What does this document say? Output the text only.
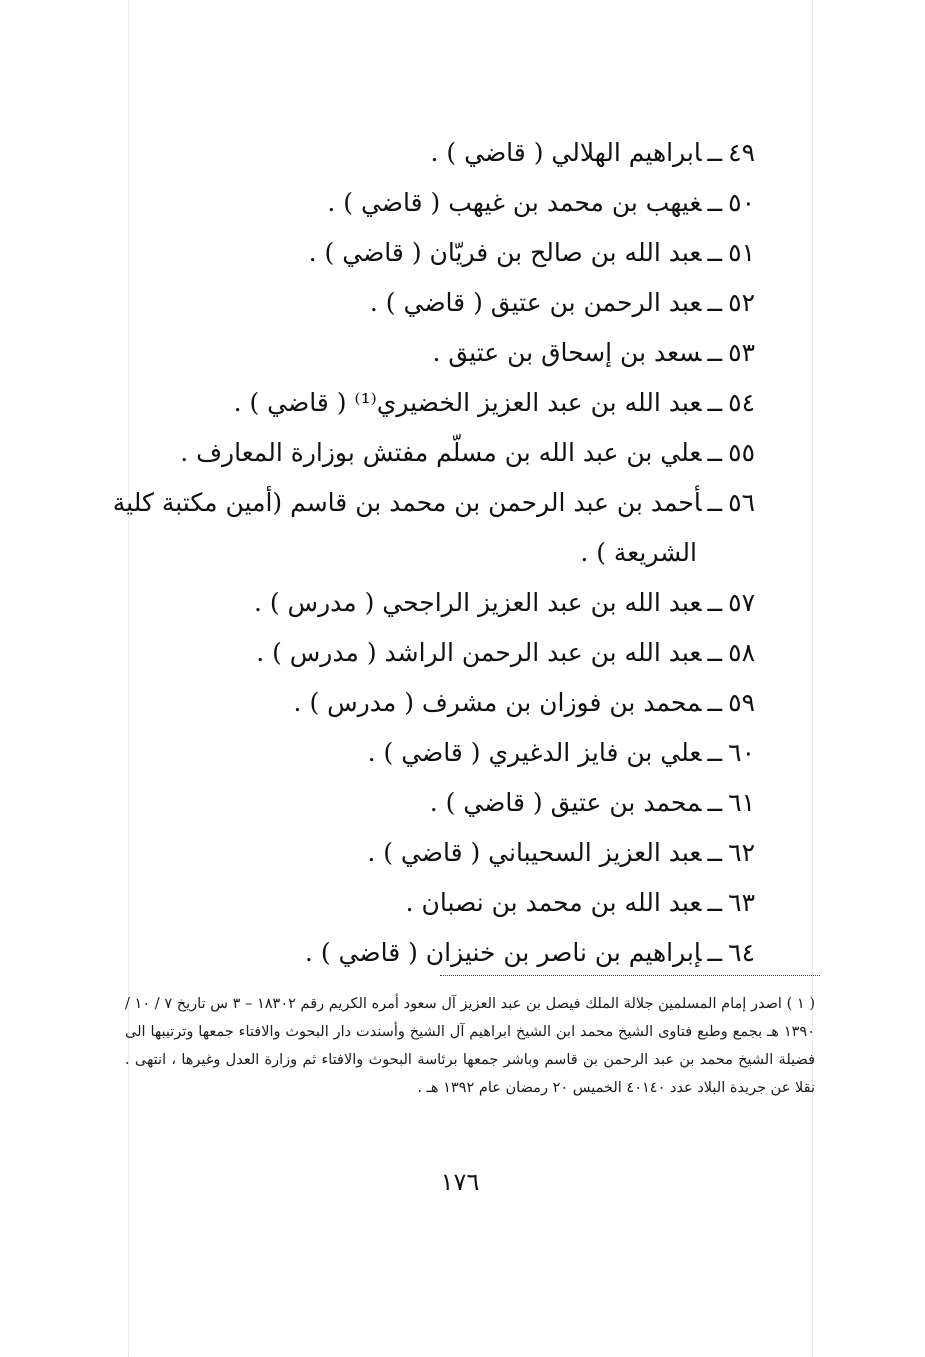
٤٩ــابراهيم الهلالي ( قاضي ) .
٥٠ــغيهب بن محمد بن غيهب ( قاضي ) .
٥١ــعبد الله بن صالح بن فريّان ( قاضي ) .
٥٢ــعبد الرحمن بن عتيق ( قاضي ) .
٥٣ــسعد بن إسحاق بن عتيق .
٥٤ــعبد الله بن عبد العزيز الخضيري⁽¹⁾ ( قاضي ) .
٥٥ــعلي بن عبد الله بن مسلّم مفتش بوزارة المعارف .
٥٦ــأحمد بن عبد الرحمن بن محمد بن قاسم (أمين مكتبة كلية
الشريعة ) .
٥٧ــعبد الله بن عبد العزيز الراجحي ( مدرس ) .
٥٨ــعبد الله بن عبد الرحمن الراشد ( مدرس ) .
٥٩ــمحمد بن فوزان بن مشرف ( مدرس ) .
٦٠ــعلي بن فايز الدغيري ( قاضي ) .
٦١ــمحمد بن عتيق ( قاضي ) .
٦٢ــعبد العزيز السحيباني ( قاضي ) .
٦٣ــعبد الله بن محمد بن نصبان .
٦٤ــإبراهيم بن ناصر بن خنيزان ( قاضي ) .

( ١ ) اصدر إمام المسلمين جلالة الملك فيصل بن عبد العزيز آل سعود أمره الكريم رقم ١٨٣٠٢ – ٣ س تاريخ ٧ / ١٠ / ١٣٩٠ هـ بجمع وطبع فتاوى الشيخ محمد ابن الشيخ ابراهيم آل الشيخ وأسندت دار البحوث والافتاء جمعها وترتيبها الى فضيلة الشيخ محمد بن عبد الرحمن بن قاسم وباشر جمعها برئاسة البحوث والافتاء ثم وزارة العدل وغيرها ، انتهى . نقلا عن جريدة البلاد عدد ٤٠١٤٠ الخميس ٢٠ رمضان عام ١٣٩٢ هـ .

١٧٦
